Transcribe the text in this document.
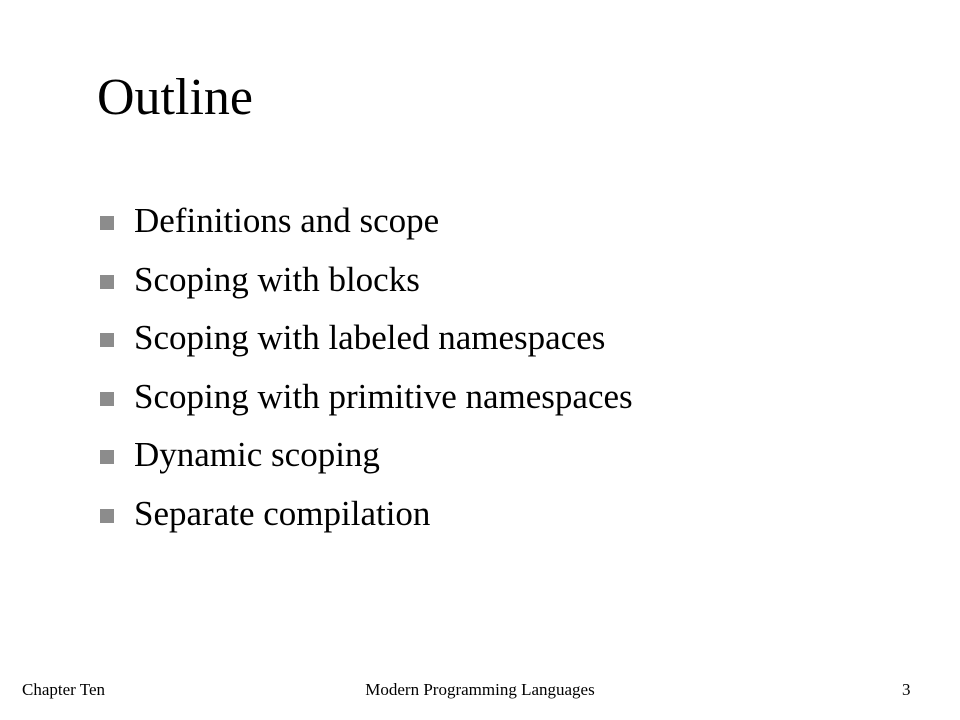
Outline
Definitions and scope
Scoping with blocks
Scoping with labeled namespaces
Scoping with primitive namespaces
Dynamic scoping
Separate compilation
Chapter Ten	Modern Programming Languages	3
